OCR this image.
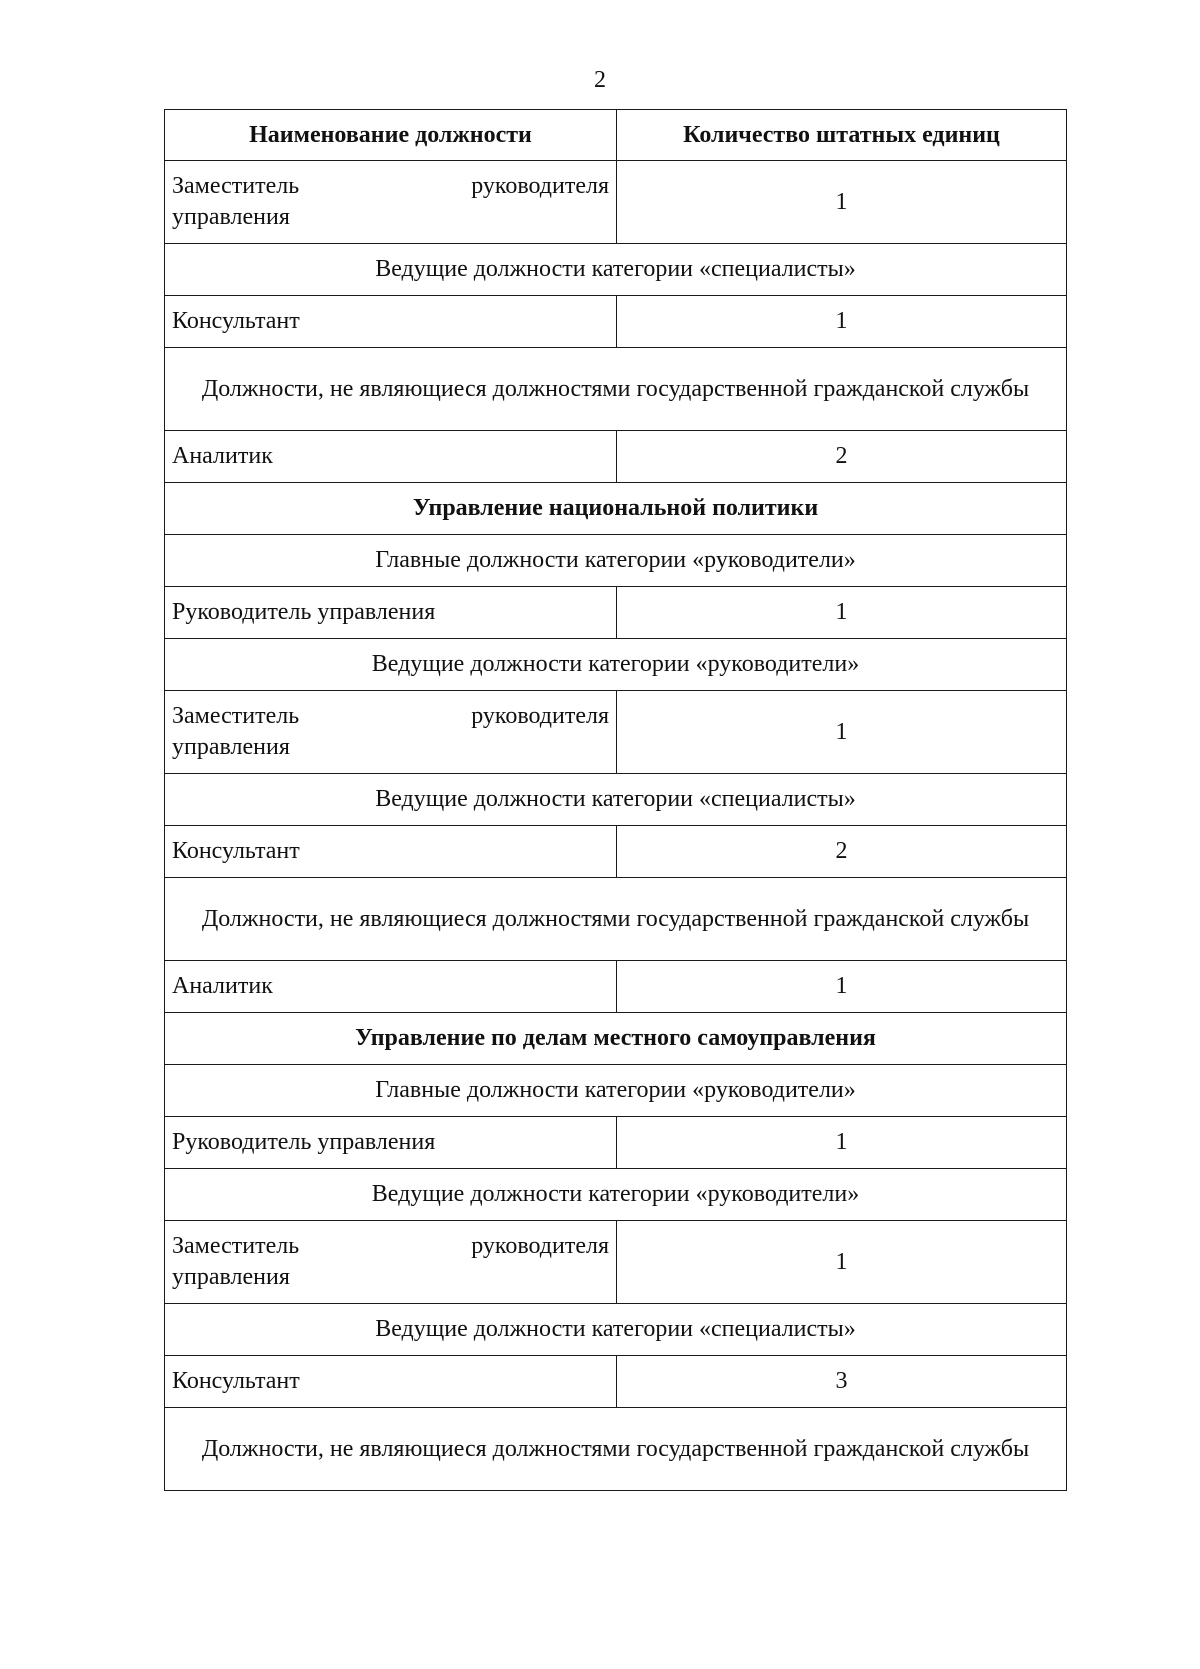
2
Наименование должности	Количество штатных единиц

Заместитель руководителя
управления	1
Ведущие должности категории «специалисты»	
Консультант	1
Должности, не являющиеся должностями государственной гражданской службы	
Аналитик	2
Управление национальной политики	
Главные должности категории «руководители»	
Руководитель управления	1
Ведущие должности категории «руководители»	

Заместитель руководителя
управления	1
Ведущие должности категории «специалисты»	
Консультант	2
Должности, не являющиеся должностями государственной гражданской службы	
Аналитик	1
Управление по делам местного самоуправления	
Главные должности категории «руководители»	
Руководитель управления	1
Ведущие должности категории «руководители»	

Заместитель руководителя
управления	1
Ведущие должности категории «специалисты»	
Консультант	3
Должности, не являющиеся должностями государственной гражданской службы	
